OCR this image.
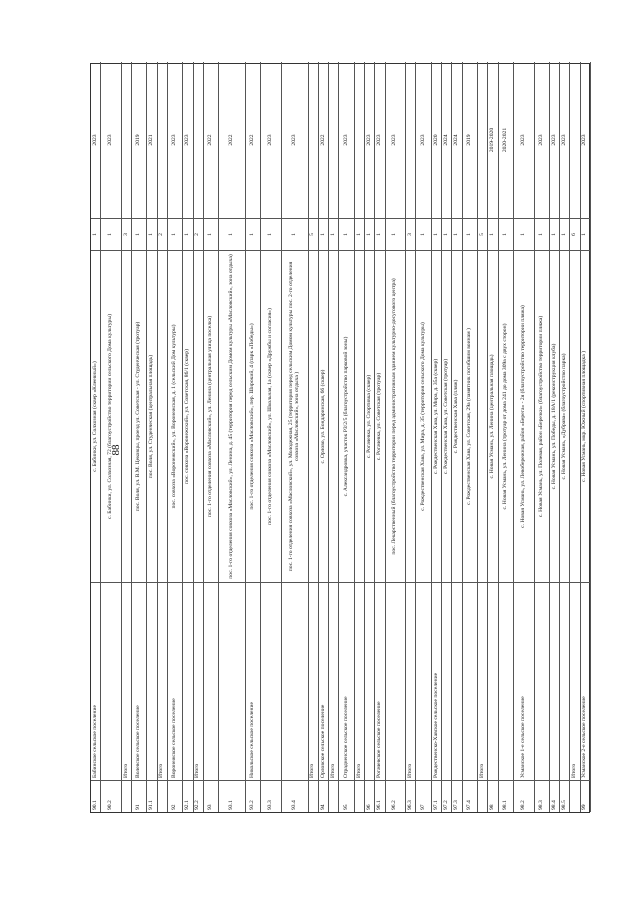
88
90.1
Бабинское сельское поселение
с. Бабинки, ул. Солхозная (сквер «Клеевный»)
1
2023
90.2
с. Бабинки, ул. Солхозная, 72 (благоустройство территории сельского Дома культуры)
1
2023
Итого
3
91
Волевское сельское поселение
пос. Воля, ул. В.М. Цековцы, проезд ул. Советская - ул. Студенческая (тротуар)
1
2019
91.1
пос. Воля, ул. Студенческая (центральная площадь)
1
2021
Итого
2
92
Воронежское сельское поселение
пос. совхоза «Воронежский», ул. Воронежская, д. 1 (сельский Дом культуры)
1
2023
92.1
пос. совхоза «Воронежский», ул. Советская, 86/1 (сквер)
1
2023
92.2
Итого
2
93
пос. 1-го отделения совхоза «Масловский», ул. Ленина (центральная улица поселка)
1
2022
93.1
пос. 1-го отделения совхоза «Масловский», ул. Ленина, д. 45 (территория перед сельским Домом культуры «Масловский», зона отдыха)
1
2022
93.2
Никольское сельское поселение
пос. 1-го отделения совхоза «Масловский», пер. Широкий, 4 (парк «Победы»)
1
2022
93.3
пос. 1-го отделения совхоза «Масловский», ул. Школьная, 1а (сквер «Дружбы и согласия»)
1
2023
93.4
пос. 1-го отделения совхоза «Масловский», ул. Молодежная, 25 (территория перед сельским Домом культуры пос. 2-го отделения совхоза «Масловский», зона отдыха )
1
2023
Итого
5
94
Орловское сельское поселение
с. Орлово, ул. Бондаринская, 66 (сквер)
1
2022
Итого
1
95
Отрадненское сельское поселение
с. Александровка, участок РЗ/2/5 (благоустройство парковой зоны)
1
2023
Итого
1
96
с. Рогачевка, ул. Спортивка (сквер)
1
2023
96.1
Рогачевское сельское поселение
с. Рогачевка, ул. Советская (тротуар)
1
2023
96.2
пос. Лекарственный (благоустройство территории перед административным зданием культурно-досугового центра)
1
2023
96.3
Итого
3
97
с. Рождественская Хава, ул. Мира, д. 35 (территория сельского Дома культуры)
1
2023
97.1
Рождественско-Хавское сельское поселение
с. Рождественская Хава, ул. Мира, д. 35а (сквер)
1
2020
97.2
с. Рождественская Хава, ул. Советская (тротуар)
1
2024
97.3
с. Рождественская Хава (пляж)
1
2024
97.4
с. Рождественская Хава, ул. Советская, 29а (памятник погибшим воинам )
1
2019
Итого
5
98
с. Новая Усмань, ул. Ленина (центральная площадь)
1
2019-2020
98.1
с. Новая Усмань, ул. Ленина (тротуар от дома 241 до дома 309а с двух сторон)
1
2020-2021
98.2
Усманское 1-е сельское поселение
с. Новая Усмань, ул. Левобережная, район «Берега» - 2я (благоустройство территории пляжа)
1
2023
98.3
с. Новая Усмань, ул. Полевая, район «Березки» (благоустройство территории пляжа)
1
2023
98.4
с. Новая Усмань, ул. Победы, д. 18А/1 (реконструкция клуба)
1
2023
98.5
с. Новая Усмань, «Дубрава» (благоустройство парка)
1
2023
Итого
6
99
Усманское 2-е сельское поселение
с. Новая Усмань, мкр. Южный (спортивная площадка )
1
2023
